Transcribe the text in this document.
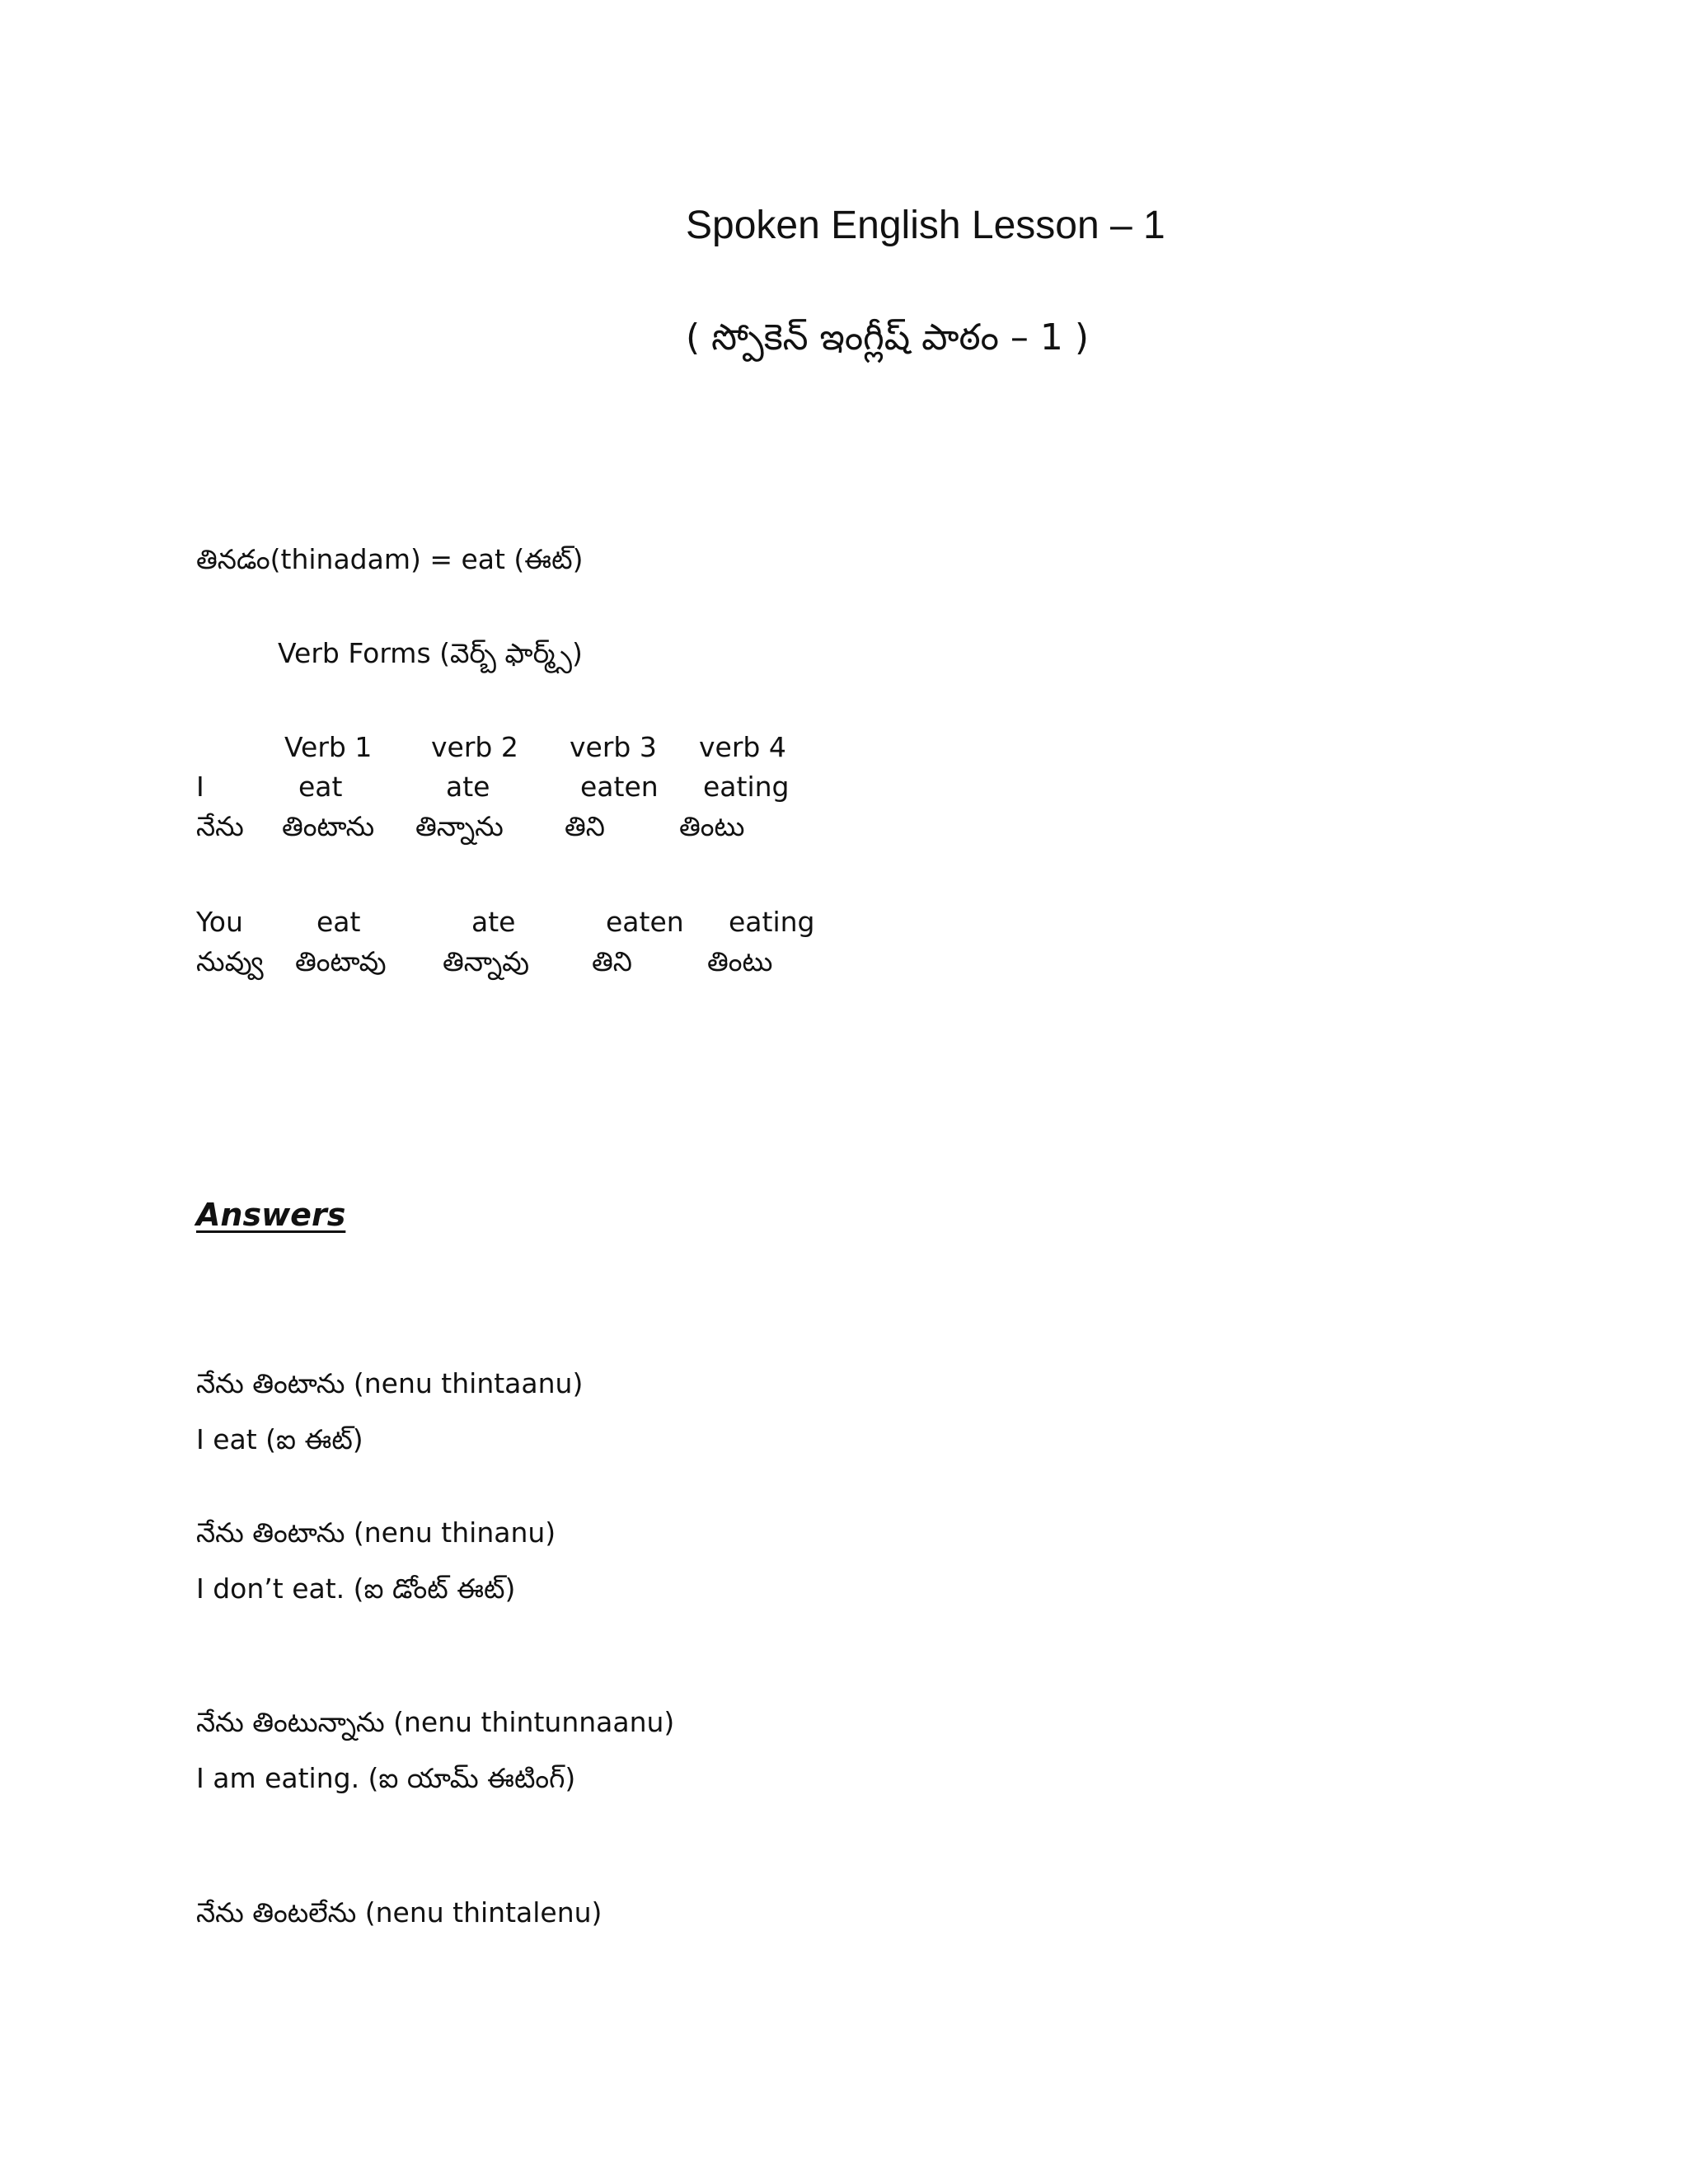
Spoken English Lesson – 1
( స్పోకెన్ ఇంగ్లీష్ పాఠం – 1 )
తినడం(thinadam) = eat (ఈట్)
Verb Forms (వెర్బ్ ఫార్మ్స్)
Verb 1 verb 2 verb 3 verb 4
I	eat	ate	eaten eating
నేను తింటాను తిన్నాను తిని	తింటు
You	eat	ate	eaten eating
నువ్వు తింటావు తిన్నావు తిని	తింటు
Answers
నేను తింటాను (nenu thintaanu)
I eat (ఐ ఈట్)
నేను తింటాను (nenu thinanu)
I don’t eat. (ఐ డోంట్ ఈట్)
నేను తింటున్నాను (nenu thintunnaanu)
I am eating. (ఐ యామ్ ఈటింగ్)
నేను తింటలేను (nenu thintalenu)
